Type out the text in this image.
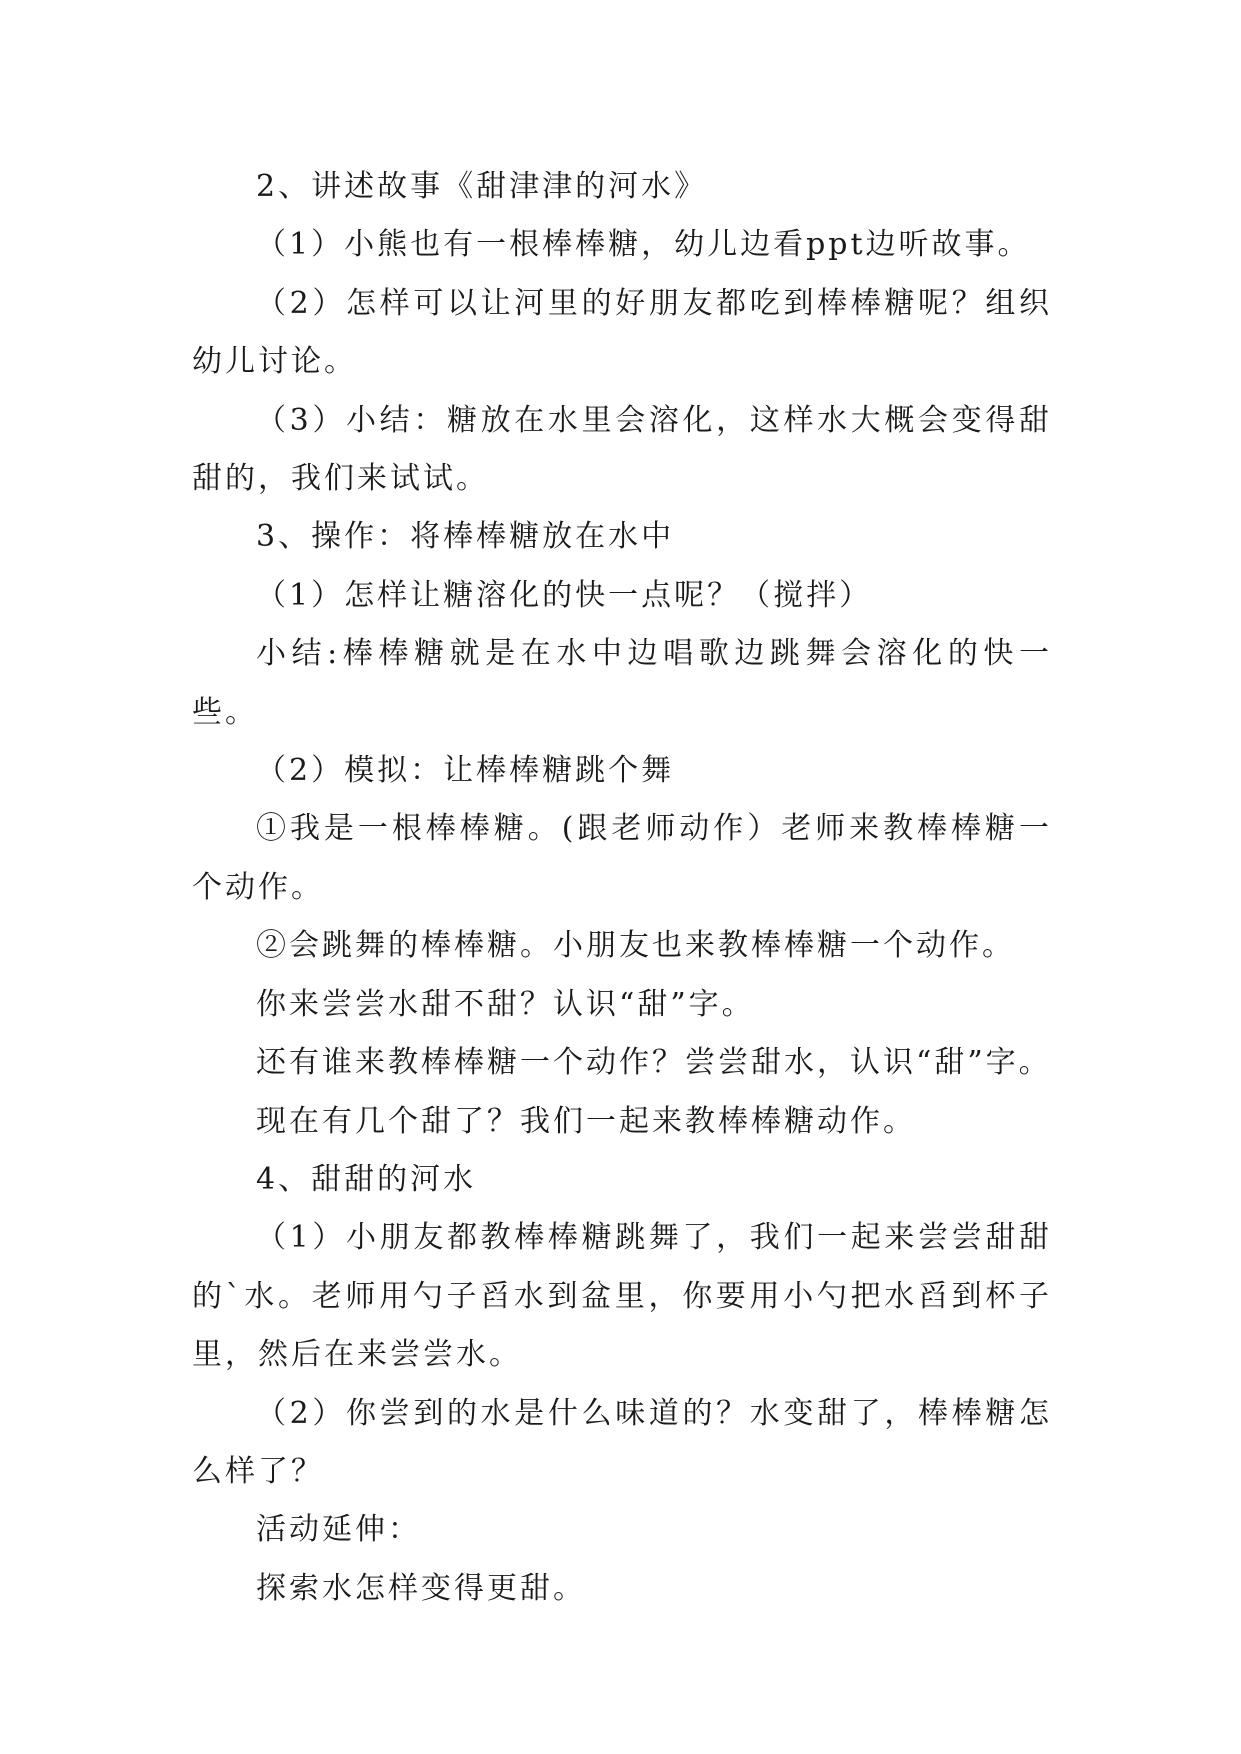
2、讲述故事《甜津津的河水》

（1）小熊也有一根棒棒糖，幼儿边看ppt边听故事。

（2）怎样可以让河里的好朋友都吃到棒棒糖呢？组织幼儿讨论。

（3）小结：糖放在水里会溶化，这样水大概会变得甜甜的，我们来试试。

3、操作：将棒棒糖放在水中

（1）怎样让糖溶化的快一点呢？（搅拌）

小结:棒棒糖就是在水中边唱歌边跳舞会溶化的快一些。

（2）模拟：让棒棒糖跳个舞

①我是一根棒棒糖。(跟老师动作）老师来教棒棒糖一个动作。

②会跳舞的棒棒糖。小朋友也来教棒棒糖一个动作。

你来尝尝水甜不甜？认识“甜”字。

还有谁来教棒棒糖一个动作？尝尝甜水，认识“甜”字。

现在有几个甜了？我们一起来教棒棒糖动作。

4、甜甜的河水

（1）小朋友都教棒棒糖跳舞了，我们一起来尝尝甜甜的`水。老师用勺子舀水到盆里，你要用小勺把水舀到杯子里，然后在来尝尝水。

（2）你尝到的水是什么味道的？水变甜了，棒棒糖怎么样了？

活动延伸：

探索水怎样变得更甜。
